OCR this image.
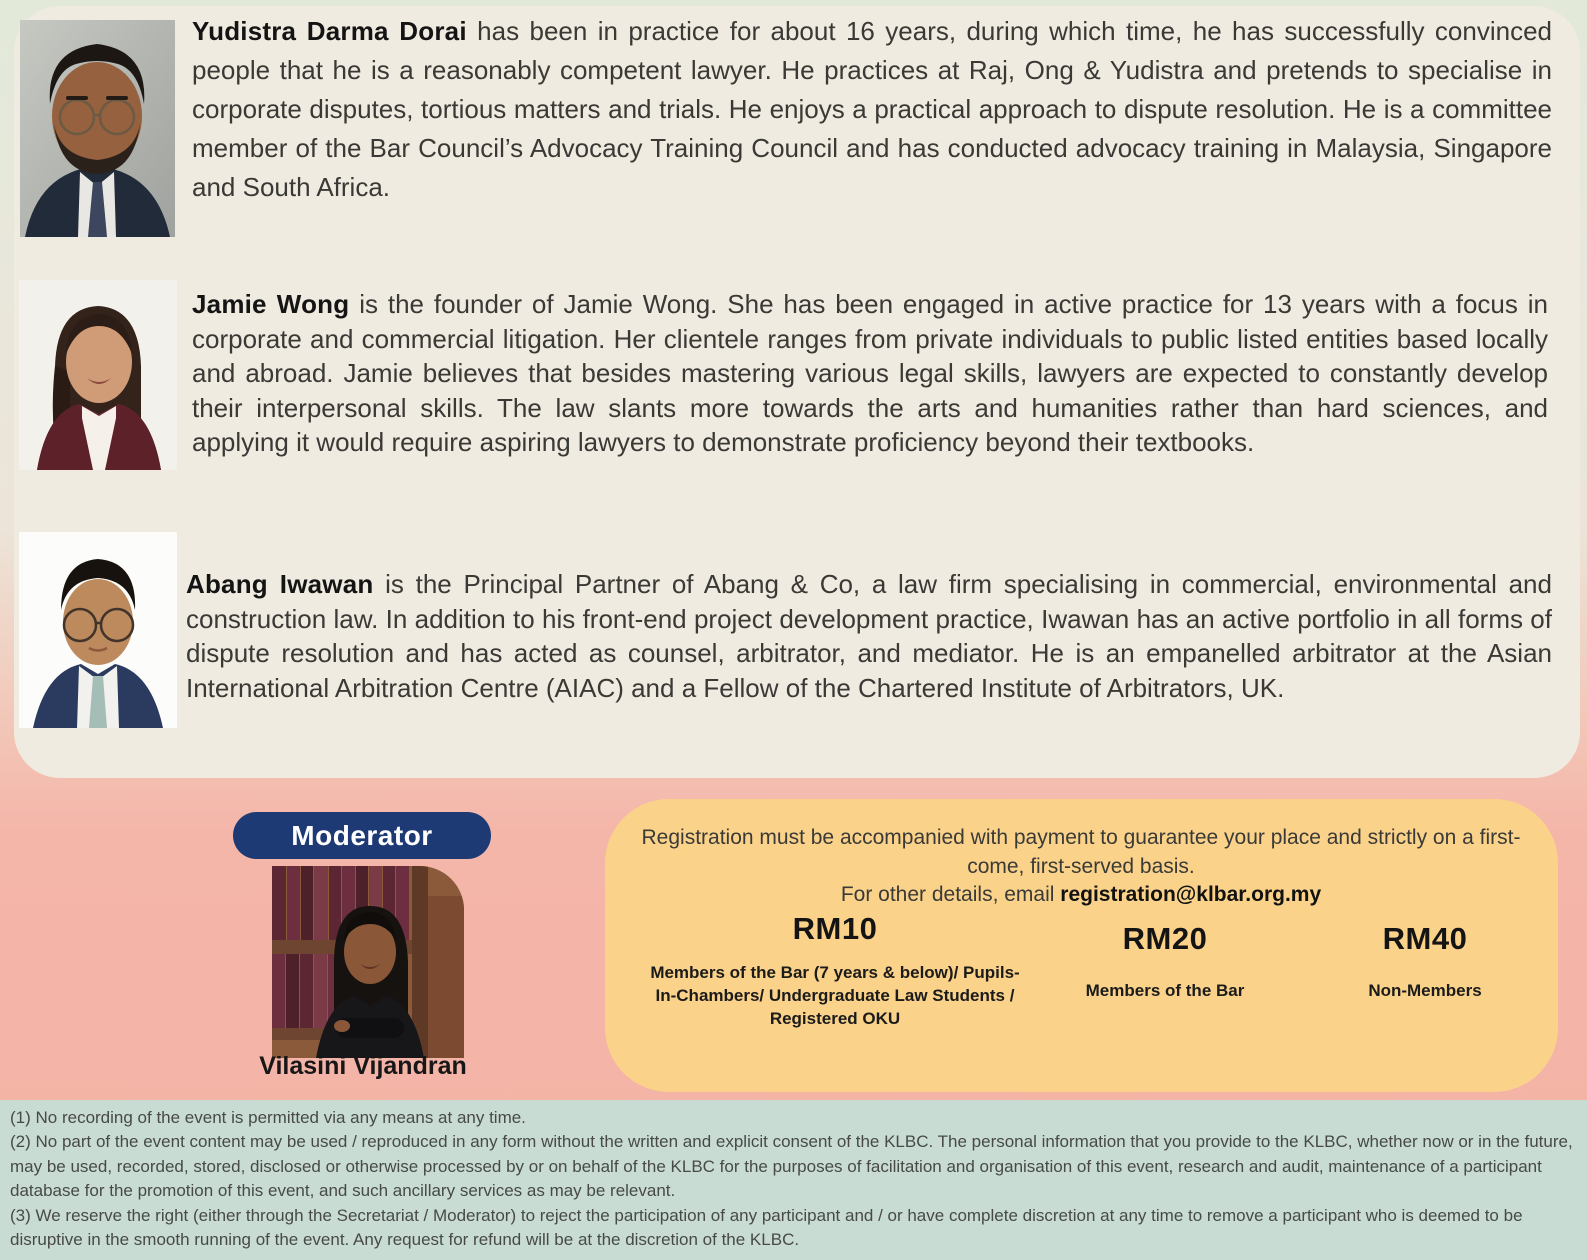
Yudistra Darma Dorai has been in practice for about 16 years, during which time, he has successfully convinced people that he is a reasonably competent lawyer. He practices at Raj, Ong & Yudistra and pretends to specialise in corporate disputes, tortious matters and trials. He enjoys a practical approach to dispute resolution. He is a committee member of the Bar Council’s Advocacy Training Council and has conducted advocacy training in Malaysia, Singapore and South Africa.

Jamie Wong is the founder of Jamie Wong. She has been engaged in active practice for 13 years with a focus in corporate and commercial litigation. Her clientele ranges from private individuals to public listed entities based locally and abroad. Jamie believes that besides mastering various legal skills, lawyers are expected to constantly develop their interpersonal skills. The law slants more towards the arts and humanities rather than hard sciences, and applying it would require aspiring lawyers to demonstrate proficiency beyond their textbooks.

Abang Iwawan is the Principal Partner of Abang & Co, a law firm specialising in commercial, environmental and construction law. In addition to his front-end project development practice, Iwawan has an active portfolio in all forms of dispute resolution and has acted as counsel, arbitrator, and mediator. He is an empanelled arbitrator at the Asian International Arbitration Centre (AIAC) and a Fellow of the Chartered Institute of Arbitrators, UK.

Moderator
Vilasini Vijandran
Registration must be accompanied with payment to guarantee your place and strictly on a first-come, first-served basis.
For other details, email registration@klbar.org.my
RM10
Members of the Bar (7 years & below)/ Pupils-In-Chambers/ Undergraduate Law Students / Registered OKU
RM20
Members of the Bar
RM40
Non-Members

(1) No recording of the event is permitted via any means at any time.

(2) No part of the event content may be used / reproduced in any form without the written and explicit consent of the KLBC. The personal information that you provide to the KLBC, whether now or in the future, may be used, recorded, stored, disclosed or otherwise processed by or on behalf of the KLBC for the purposes of facilitation and organisation of this event, research and audit, maintenance of a participant database for the promotion of this event, and such ancillary services as may be relevant.

(3) We reserve the right (either through the Secretariat / Moderator) to reject the participation of any participant and / or have complete discretion at any time to remove a participant who is deemed to be disruptive in the smooth running of the event. Any request for refund will be at the discretion of the KLBC.
